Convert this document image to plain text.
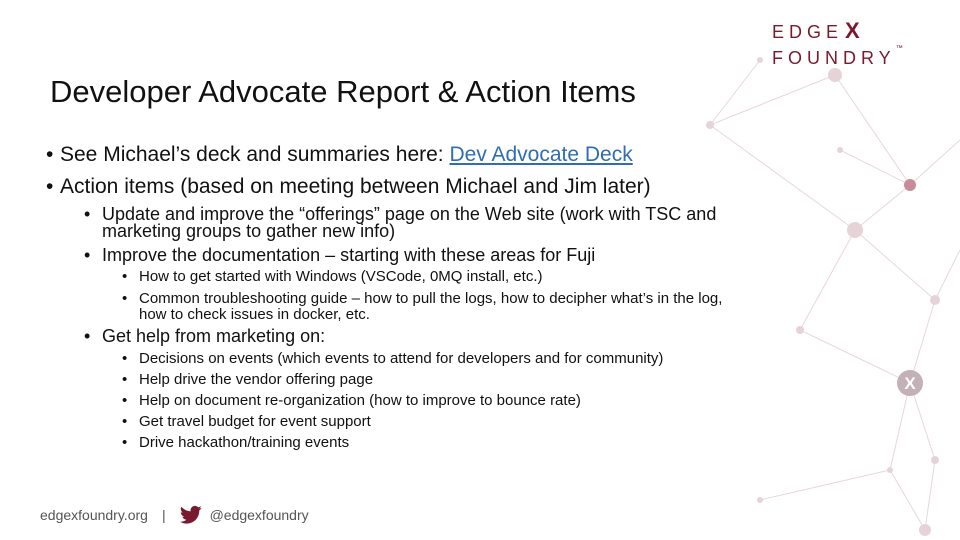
X
EDGEXFOUNDRY™
Developer Advocate Report & Action Items
• See Michael’s deck and summaries here: Dev Advocate Deck
• Action items (based on meeting between Michael and Jim later)
• Update and improve the “offerings” page on the Web site (work with TSC and
marketing groups to gather new info)
• Improve the documentation – starting with these areas for Fuji
• How to get started with Windows (VSCode, 0MQ install, etc.)
• Common troubleshooting guide – how to pull the logs, how to decipher what’s in the log,
how to check issues in docker, etc.
• Get help from marketing on:
• Decisions on events (which events to attend for developers and for community)
• Help drive the vendor offering page
• Help on document re-organization (how to improve to bounce rate)
• Get travel budget for event support
• Drive hackathon/training events
edgexfoundry.org |	@edgexfoundry
